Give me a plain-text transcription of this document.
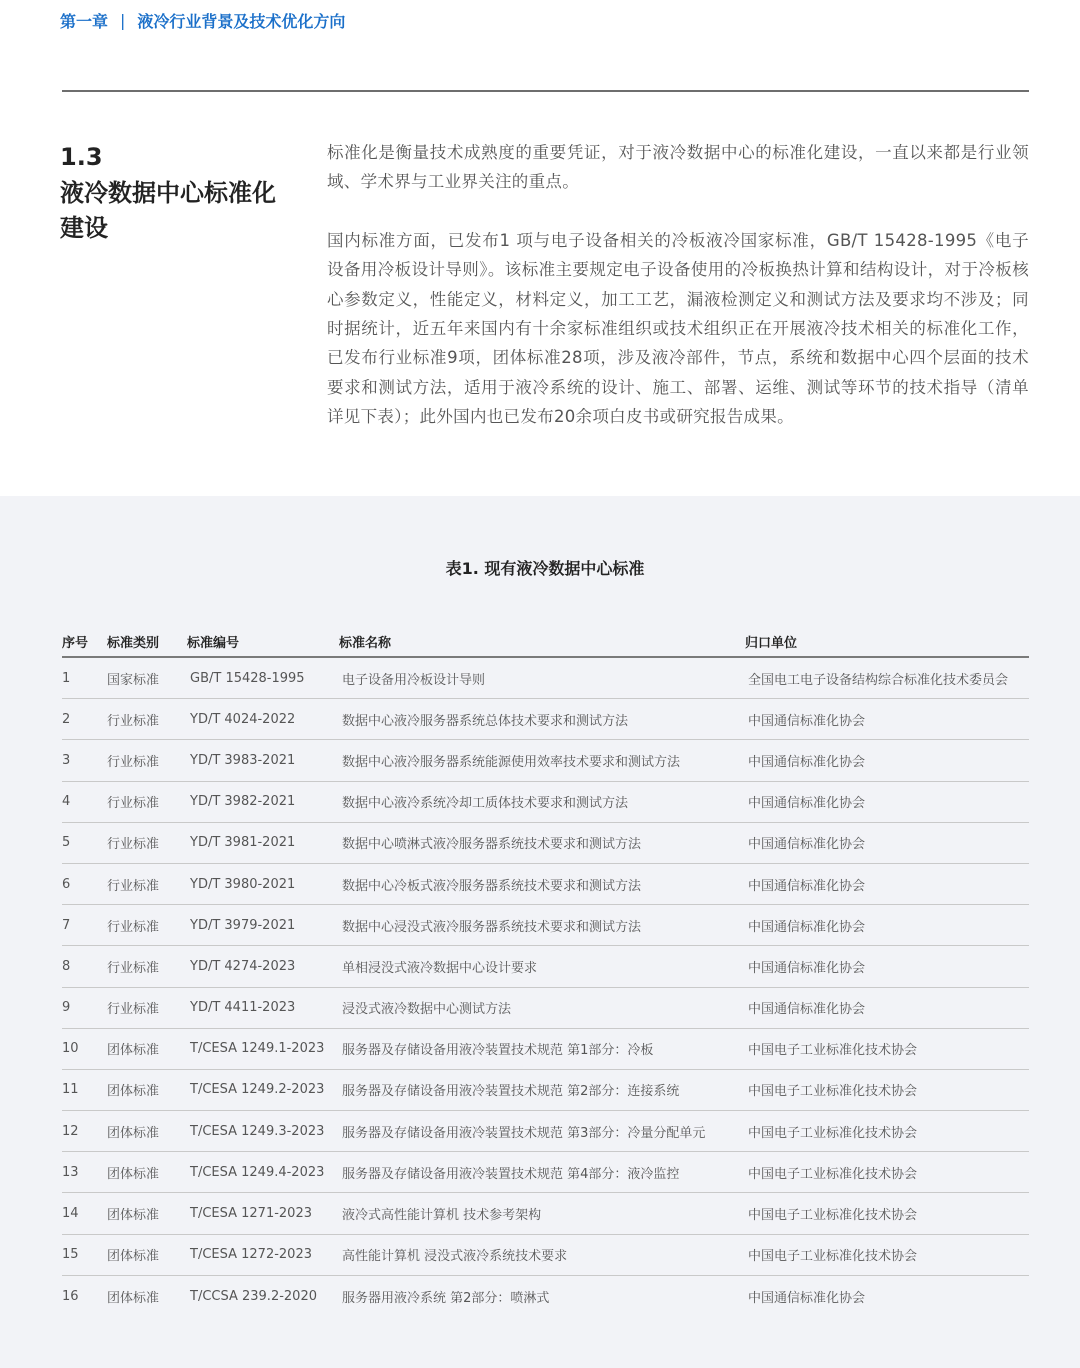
第一章 | 液冷行业背景及技术优化方向
1.3
液冷数据中心标准化建设

标准化是衡量技术成熟度的重要凭证，对于液冷数据中心的标准化建设，一直以来都是行业领域、学术界与工业界关注的重点。

国内标准方面，已发布1 项与电子设备相关的冷板液冷国家标准，GB/T 15428-1995《电子设备用冷板设计导则》。该标准主要规定电子设备使用的冷板换热计算和结构设计，对于冷板核心参数定义，性能定义，材料定义，加工工艺，漏液检测定义和测试方法及要求均不涉及；同时据统计，近五年来国内有十余家标准组织或技术组织正在开展液冷技术相关的标准化工作，已发布行业标准9项，团体标准28项，涉及液冷部件，节点，系统和数据中心四个层面的技术要求和测试方法，适用于液冷系统的设计、施工、部署、运维、测试等环节的技术指导（清单详见下表）；此外国内也已发布20余项白皮书或研究报告成果。

表1. 现有液冷数据中心标准
序号	标准类别	标准编号	标准名称	归口单位
1	国家标准	GB/T 15428-1995	电子设备用冷板设计导则	全国电工电子设备结构综合标准化技术委员会
2	行业标准	YD/T 4024-2022	数据中心液冷服务器系统总体技术要求和测试方法	中国通信标准化协会
3	行业标准	YD/T 3983-2021	数据中心液冷服务器系统能源使用效率技术要求和测试方法	中国通信标准化协会
4	行业标准	YD/T 3982-2021	数据中心液冷系统冷却工质体技术要求和测试方法	中国通信标准化协会
5	行业标准	YD/T 3981-2021	数据中心喷淋式液冷服务器系统技术要求和测试方法	中国通信标准化协会
6	行业标准	YD/T 3980-2021	数据中心冷板式液冷服务器系统技术要求和测试方法	中国通信标准化协会
7	行业标准	YD/T 3979-2021	数据中心浸没式液冷服务器系统技术要求和测试方法	中国通信标准化协会
8	行业标准	YD/T 4274-2023	单相浸没式液冷数据中心设计要求	中国通信标准化协会
9	行业标准	YD/T 4411-2023	浸没式液冷数据中心测试方法	中国通信标准化协会
10	团体标准	T/CESA 1249.1-2023	服务器及存储设备用液冷装置技术规范 第1部分：冷板	中国电子工业标准化技术协会
11	团体标准	T/CESA 1249.2-2023	服务器及存储设备用液冷装置技术规范 第2部分：连接系统	中国电子工业标准化技术协会
12	团体标准	T/CESA 1249.3-2023	服务器及存储设备用液冷装置技术规范 第3部分：冷量分配单元	中国电子工业标准化技术协会
13	团体标准	T/CESA 1249.4-2023	服务器及存储设备用液冷装置技术规范 第4部分：液冷监控	中国电子工业标准化技术协会
14	团体标准	T/CESA 1271-2023	液冷式高性能计算机 技术参考架构	中国电子工业标准化技术协会
15	团体标准	T/CESA 1272-2023	高性能计算机 浸没式液冷系统技术要求	中国电子工业标准化技术协会
16	团体标准	T/CCSA 239.2-2020	服务器用液冷系统 第2部分：喷淋式	中国通信标准化协会
